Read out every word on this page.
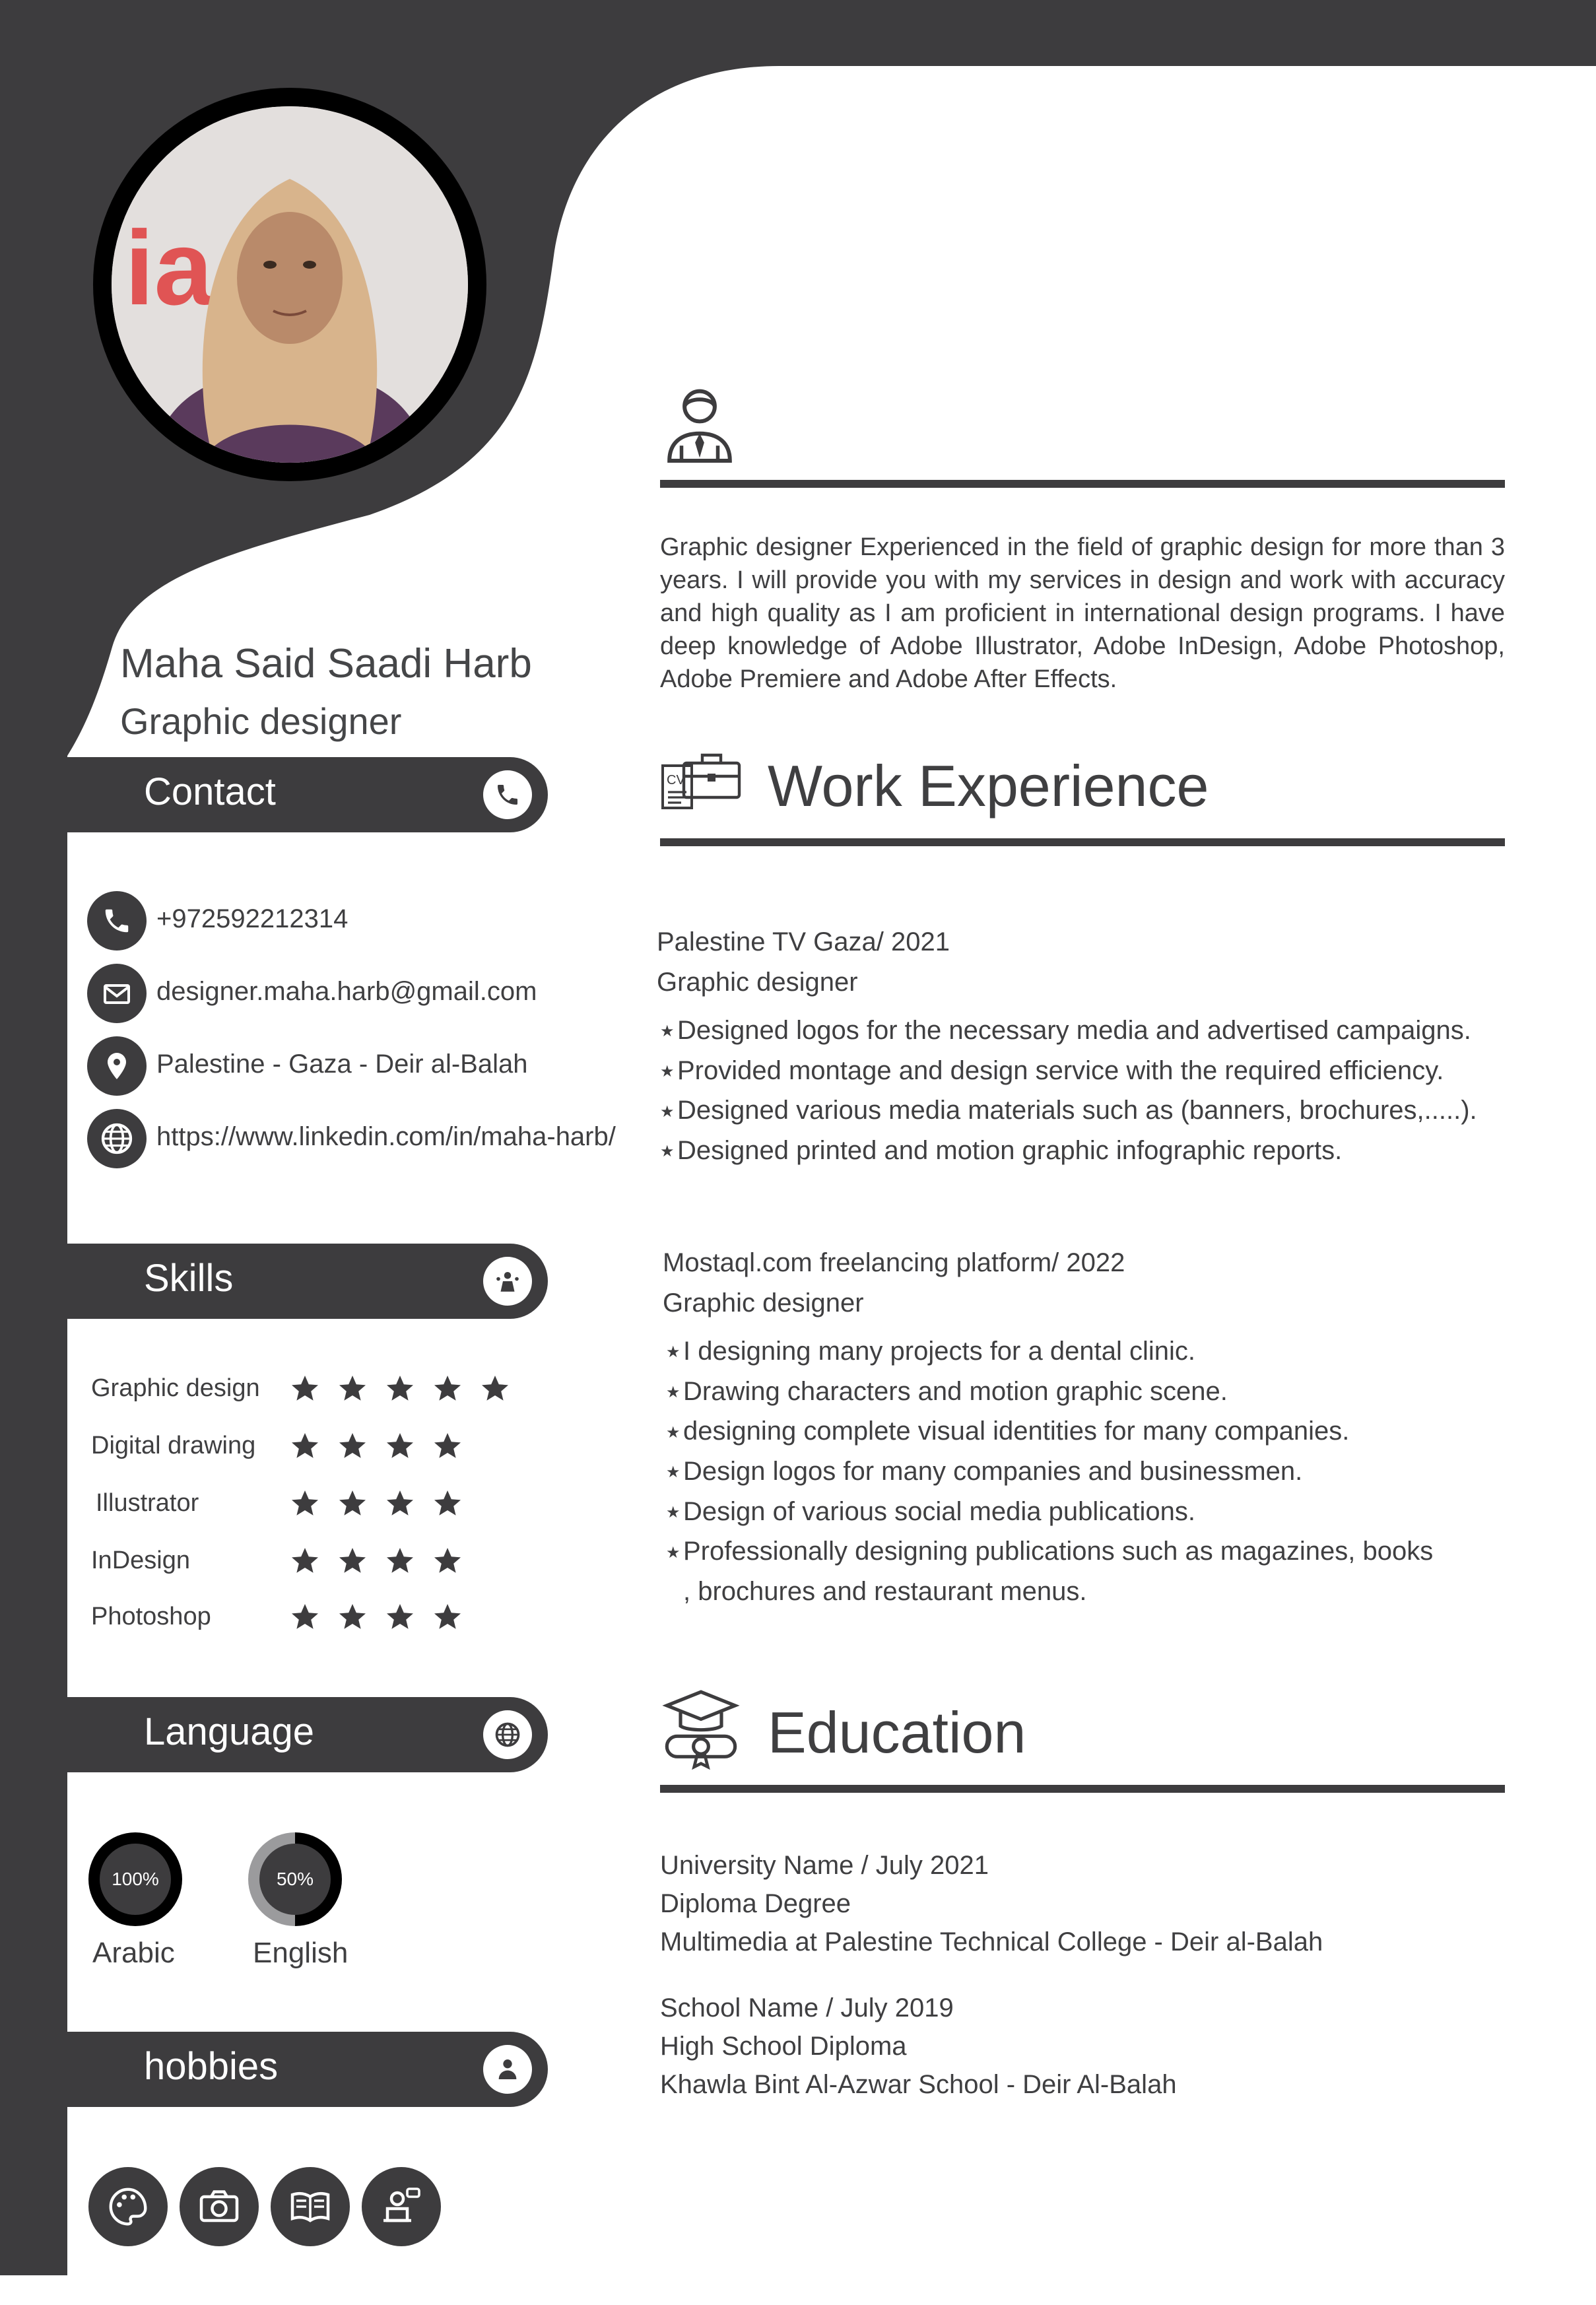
ia
Maha Said Saadi Harb
Graphic designer
Contact
+972592212314
designer.maha.harb@gmail.com
Palestine - Gaza - Deir al-Balah
https://www.linkedin.com/in/maha-harb/
Skills
Graphic design
Digital drawing
Illustrator
InDesign
Photoshop
Language
100%
Arabic
50%
English
hobbies
Graphic designer Experienced in the field of graphic design for more than 3 years. I will provide you with my services in design and work with accuracy and high quality as I am proficient in international design programs. I have deep knowledge of Adobe Illustrator, Adobe InDesign, Adobe Photoshop, Adobe Premiere and Adobe After Effects.
CV Work Experience
Palestine TV Gaza/ 2021
Graphic designer
★ Designed logos for the necessary media and advertised campaigns.
★ Provided montage and design service with the required efficiency.
★ Designed various media materials such as (banners, brochures,.....).
★ Designed printed and motion graphic infographic reports.
Mostaql.com freelancing platform/ 2022
Graphic designer
★ I designing many projects for a dental clinic.
★ Drawing characters and motion graphic scene.
★ designing complete visual identities for many companies.
★ Design logos for many companies and businessmen.
★ Design of various social media publications.
★ Professionally designing publications such as magazines, books
, brochures and restaurant menus.
Education
University Name / July 2021
Diploma Degree
Multimedia at Palestine Technical College - Deir al-Balah
School Name / July 2019
High School Diploma
Khawla Bint Al-Azwar School - Deir Al-Balah
